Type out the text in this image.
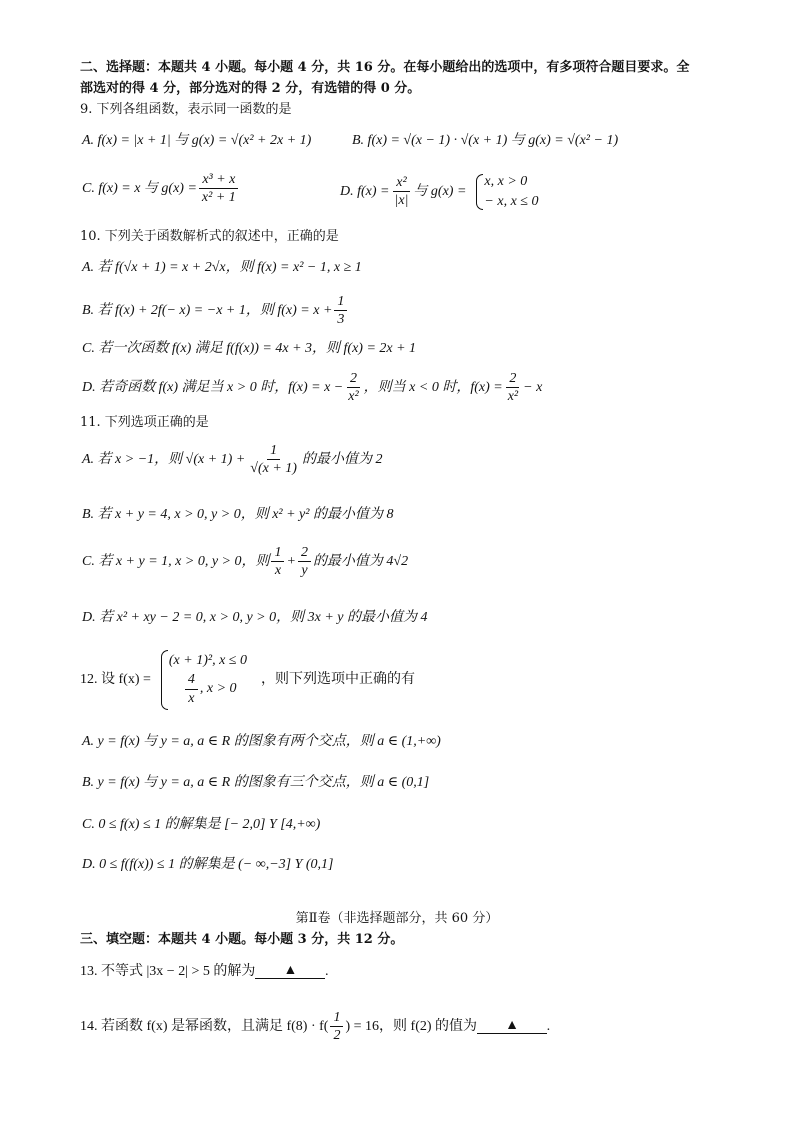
二、选择题：本题共 4 小题。每小题 4 分，共 16 分。在每小题给出的选项中，有多项符合题目要求。全
部选对的得 4 分，部分选对的得 2 分，有选错的得 0 分。
9. 下列各组函数，表示同一函数的是
A. f(x) = |x + 1| 与 g(x) = √(x² + 2x + 1)	B. f(x) = √(x − 1) · √(x + 1) 与 g(x) = √(x² − 1)
C. f(x) = x 与 $g(x) = \frac{\text{x³ + x}}{\text{x² + 1}}$	D. $f(x) = \frac{\text{x²}}{|x|}$ 与 g(x) =
x, x > 0
− x, x ≤ 0
10. 下列关于函数解析式的叙述中，正确的是
A. 若 f(√x + 1) = x + 2√x，则 f(x) = x² − 1, x ≥ 1
B. 若 f(x) + 2f(− x) = −x + 1，则 $f(x) = x + \frac{1}{3}$
C. 若一次函数 f(x) 满足 f(f(x)) = 4x + 3，则 f(x) = 2x + 1
D. 若奇函数 f(x) 满足当 x > 0 时，$f(x) = x - \frac{2}{\text{x²}}$ ，则当 x < 0 时，$f(x) = \frac{2}{\text{x²}} - x$
11. 下列选项正确的是
A. 若 x > −1，则 $√(x + 1) + \frac{1}{√(x + 1)}$ 的最小值为 2
B. 若 x + y = 4, x > 0, y > 0，则 x² + y² 的最小值为 8
C. 若 x + y = 1, x > 0, y > 0，则 $\frac{1}{x} + \frac{2}{y}$ 的最小值为 4√2
D. 若 x² + xy − 2 = 0, x > 0, y > 0，则 3x + y 的最小值为 4
12. 设 f(x) =
(x + 1)², x ≤ 0
$\frac{4}{x}$ , x > 0
，则下列选项中正确的有
A. y = f(x) 与 y = a, a ∈ R 的图象有两个交点，则 a ∈ (1,+∞)
B. y = f(x) 与 y = a, a ∈ R 的图象有三个交点，则 a ∈ (0,1]
C. 0 ≤ f(x) ≤ 1 的解集是 [− 2,0] Y [4,+∞)
D. 0 ≤ f(f(x)) ≤ 1 的解集是 (− ∞,−3] Y (0,1]
第Ⅱ卷（非选择题部分，共 60 分）
三、填空题：本题共 4 小题。每小题 3 分，共 12 分。
13. 不等式 |3x − 2| > 5 的解为	▲	.
14. 若函数 f(x) 是幂函数，且满足 $f(8) \cdot f( \frac{1}{2}$ ) = 16，则 f(2) 的值为	▲	.
